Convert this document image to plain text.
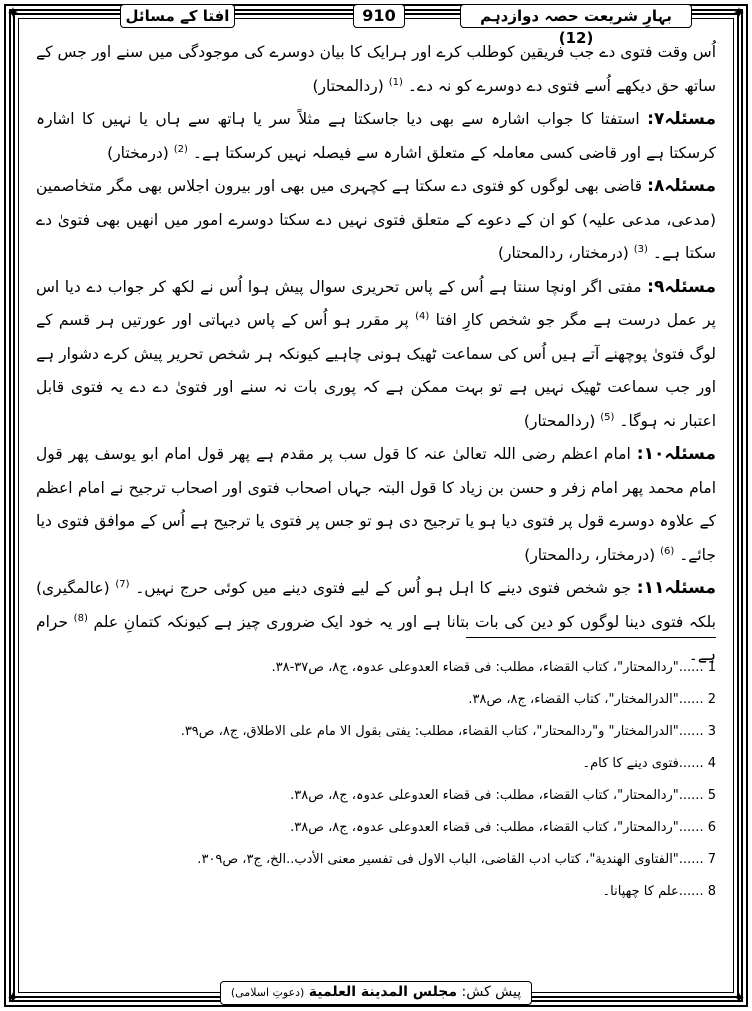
✦	✦
✦	✦
افتا کے مسائل	910	بہارِ شریعت حصہ دوازدہم (12)

اُس وقت فتوی دے جب فریقین کوطلب کرے اور ہرایک کا بیان دوسرے کی موجودگی میں سنے اور جس کے ساتھ حق دیکھے اُسے فتوی دے دوسرے کو نہ دے۔ $^{(1)}$ (ردالمحتار)

مسئلہ۷: استفتا کا جواب اشارہ سے بھی دیا جاسکتا ہے مثلاً سر یا ہاتھ سے ہاں یا نہیں کا اشارہ کرسکتا ہے اور قاضی کسی معاملہ کے متعلق اشارہ سے فیصلہ نہیں کرسکتا ہے۔ $^{(2)}$ (درمختار)

مسئلہ۸: قاضی بھی لوگوں کو فتوی دے سکتا ہے کچہری میں بھی اور بیرون اجلاس بھی مگر متخاصمین (مدعی، مدعی علیہ) کو ان کے دعوے کے متعلق فتوی نہیں دے سکتا دوسرے امور میں انھیں بھی فتویٰ دے سکتا ہے۔ $^{(3)}$ (درمختار، ردالمحتار)

مسئلہ۹: مفتی اگر اونچا سنتا ہے اُس کے پاس تحریری سوال پیش ہوا اُس نے لکھ کر جواب دے دیا اس پر عمل درست ہے مگر جو شخص کارِ افتا $^{(4)}$ پر مقرر ہو اُس کے پاس دیہاتی اور عورتیں ہر قسم کے لوگ فتویٰ پوچھنے آتے ہیں اُس کی سماعت ٹھیک ہونی چاہیے کیونکہ ہر شخص تحریر پیش کرے دشوار ہے اور جب سماعت ٹھیک نہیں ہے تو بہت ممکن ہے کہ پوری بات نہ سنے اور فتویٰ دے دے یہ فتوی قابل اعتبار نہ ہوگا۔ $^{(5)}$ (ردالمحتار)

مسئلہ۱۰: امام اعظم رضی اللہ تعالیٰ عنہ کا قول سب پر مقدم ہے پھر قول امام ابو یوسف پھر قول امام محمد پھر امام زفر و حسن بن زیاد کا قول البتہ جہاں اصحاب فتوی اور اصحاب ترجیح نے امام اعظم کے علاوہ دوسرے قول پر فتوی دیا ہو یا ترجیح دی ہو تو جس پر فتوی یا ترجیح ہے اُس کے موافق فتوی دیا جائے۔ $^{(6)}$ (درمختار، ردالمحتار)

مسئلہ۱۱: جو شخص فتوی دینے کا اہل ہو اُس کے لیے فتوی دینے میں کوئی حرج نہیں۔ $^{(7)}$ (عالمگیری) بلکہ فتوی دینا لوگوں کو دین کی بات بتانا ہے اور یہ خود ایک ضروری چیز ہے کیونکہ کتمانِ علم $^{(8)}$ حرام ہے۔

1 ......"ردالمحتار"، کتاب القضاء، مطلب: فی قضاء العدوعلی عدوہ، ج۸، ص۳۷-۳۸.
2 ......"الدرالمختار"، کتاب القضاء، ج۸، ص۳۸.
3 ......"الدرالمختار" و"ردالمحتار"، کتاب القضاء، مطلب: یفتی بقول الا مام علی الاطلاق، ج۸، ص۳۹.
4 ......فتوی دینے کا کام۔
5 ......"ردالمحتار"، کتاب القضاء، مطلب: فی قضاء العدوعلی عدوہ، ج۸، ص۳۸.
6 ......"ردالمحتار"، کتاب القضاء، مطلب: فی قضاء العدوعلی عدوہ، ج۸، ص۳۸.
7 ......"الفتاوی الهندیة"، کتاب ادب القاضی، الباب الاول فی تفسیر معنی الأدب..الخ، ج۳، ص۳۰۹.
8 ......علم کا چھپانا۔
پیش کش: مجلس المدینة العلمیة (دعوتِ اسلامی)
